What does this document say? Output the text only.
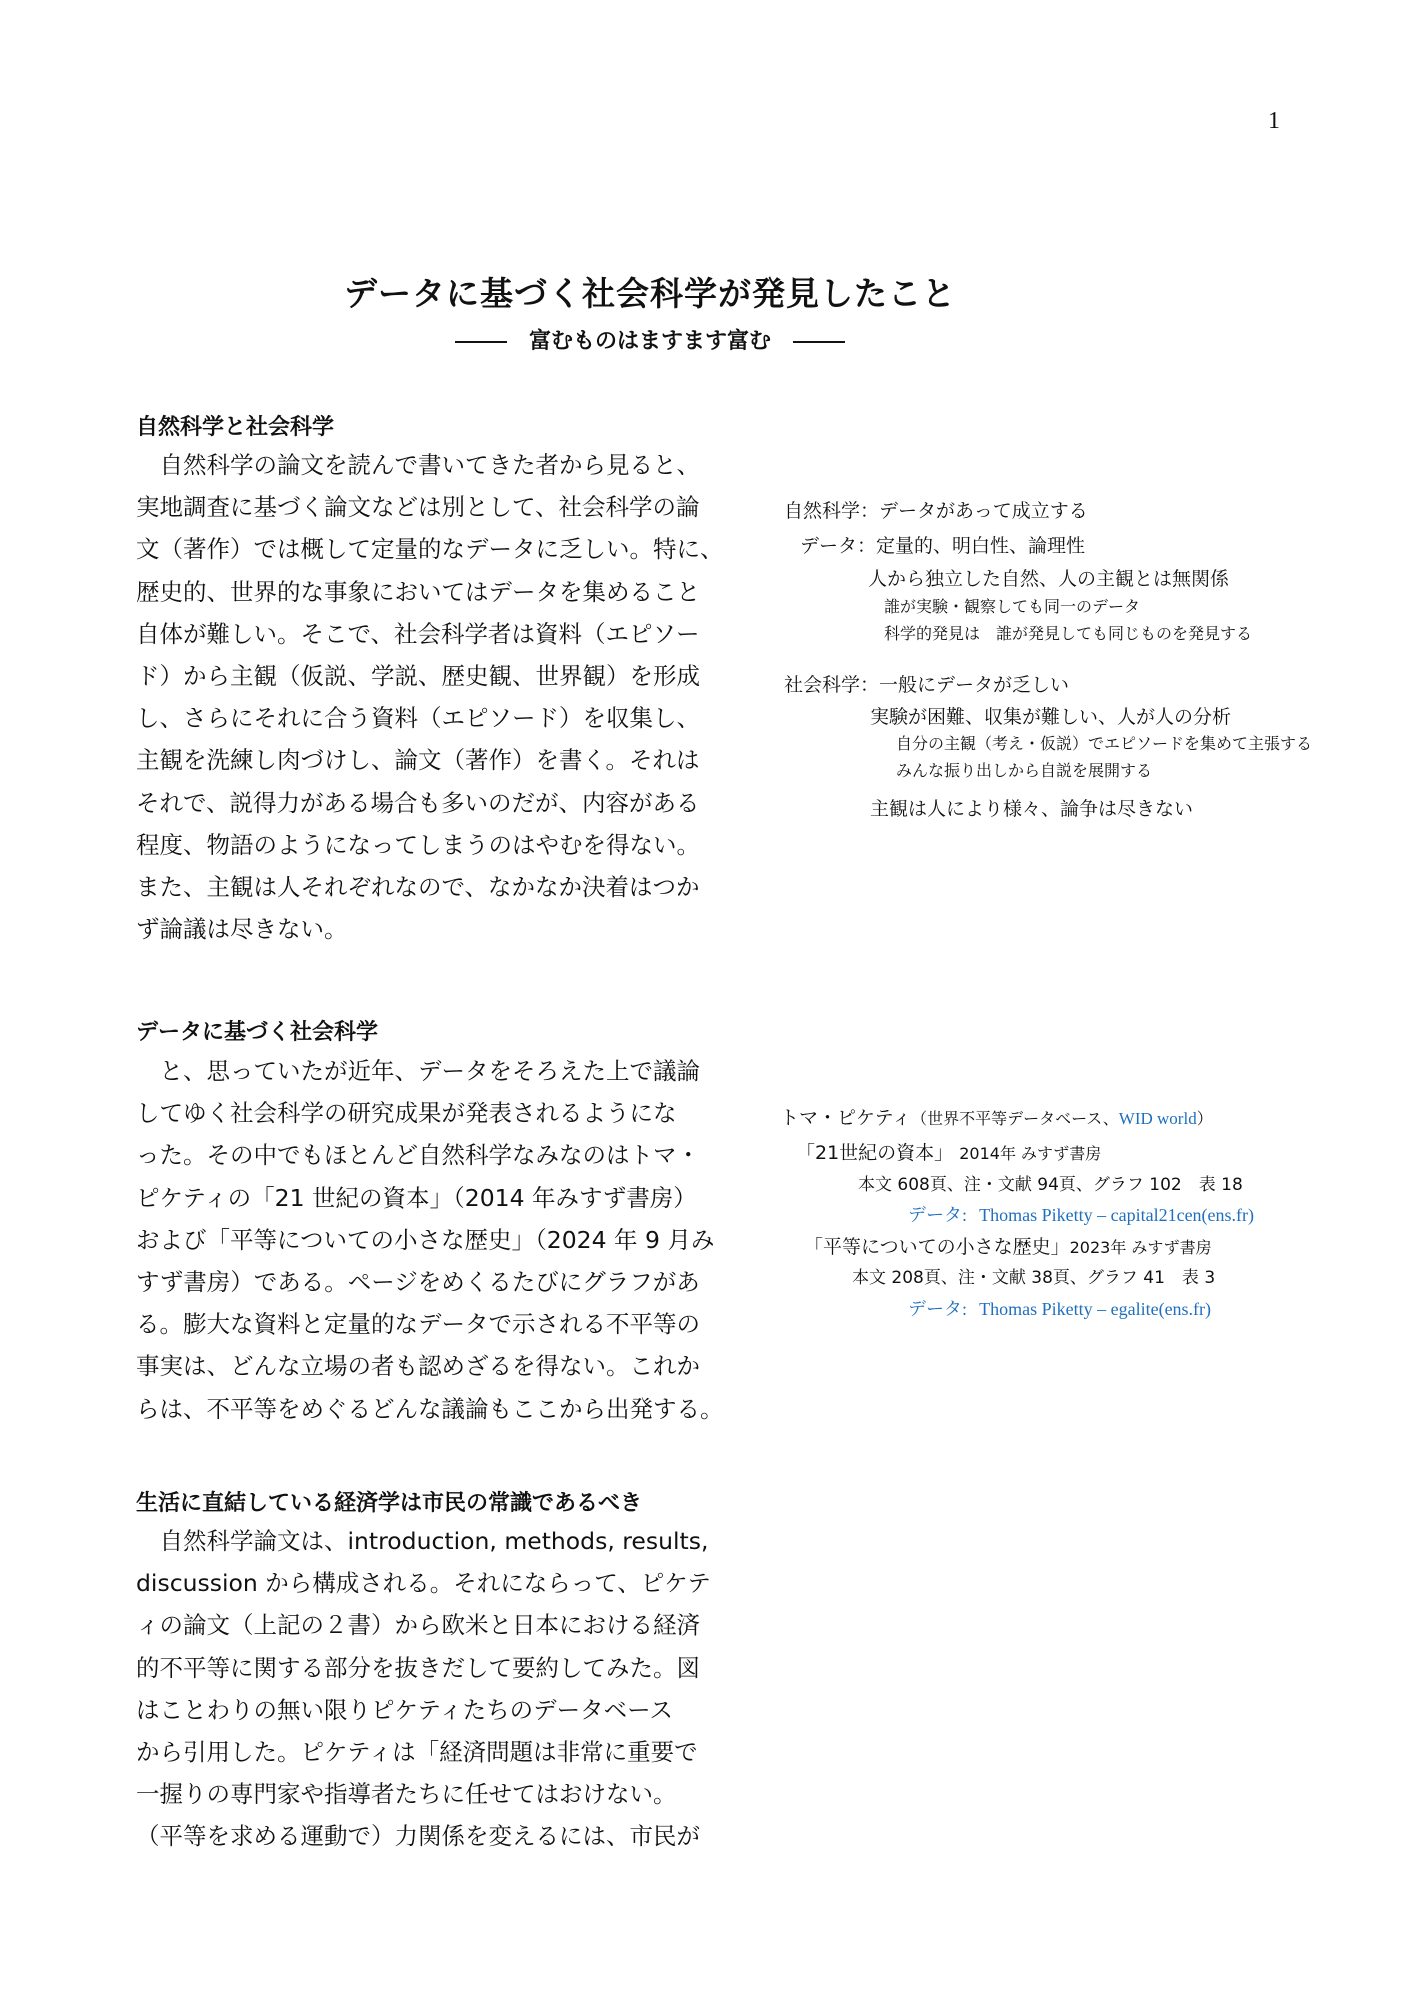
1
データに基づく社会科学が発見したこと
富むものはますます富む
自然科学と社会科学
　自然科学の論文を読んで書いてきた者から見ると、
実地調査に基づく論文などは別として、社会科学の論
文（著作）では概して定量的なデータに乏しい。特に、
歴史的、世界的な事象においてはデータを集めること
自体が難しい。そこで、社会科学者は資料（エピソー
ド）から主観（仮説、学説、歴史観、世界観）を形成
し、さらにそれに合う資料（エピソード）を収集し、
主観を洗練し肉づけし、論文（著作）を書く。それは
それで、説得力がある場合も多いのだが、内容がある
程度、物語のようになってしまうのはやむを得ない。
また、主観は人それぞれなので、なかなか決着はつか
ず論議は尽きない。
データに基づく社会科学
　と、思っていたが近年、データをそろえた上で議論
してゆく社会科学の研究成果が発表されるようにな
った。その中でもほとんど自然科学なみなのはトマ・
ピケティの「21 世紀の資本」（2014 年みすず書房）
および「平等についての小さな歴史」（2024 年 9 月み
すず書房）である。ページをめくるたびにグラフがあ
る。膨大な資料と定量的なデータで示される不平等の
事実は、どんな立場の者も認めざるを得ない。これか
らは、不平等をめぐるどんな議論もここから出発する。
生活に直結している経済学は市民の常識であるべき
　自然科学論文は、introduction, methods, results,
discussion から構成される。それにならって、ピケテ
ィの論文（上記の２書）から欧米と日本における経済
的不平等に関する部分を抜きだして要約してみた。図
はことわりの無い限りピケティたちのデータベース
から引用した。ピケティは「経済問題は非常に重要で
一握りの専門家や指導者たちに任せてはおけない。
（平等を求める運動で）力関係を変えるには、市民が
自然科学：データがあって成立する
データ：定量的、明白性、論理性
人から独立した自然、人の主観とは無関係
誰が実験・観察しても同一のデータ
科学的発見は　誰が発見しても同じものを発見する
社会科学：一般にデータが乏しい
実験が困難、収集が難しい、人が人の分析
自分の主観（考え・仮説）でエピソードを集めて主張する
みんな振り出しから自説を展開する
主観は人により様々、論争は尽きない
トマ・ピケティ（世界不平等データベース、WID world）
「21世紀の資本」 2014年 みすず書房
本文 608頁、注・文献 94頁、グラフ 102　表 18
データ: Thomas Piketty – capital21cen(ens.fr)
「平等についての小さな歴史」2023年 みすず書房
本文 208頁、注・文献 38頁、グラフ 41　表 3
データ: Thomas Piketty – egalite(ens.fr)
